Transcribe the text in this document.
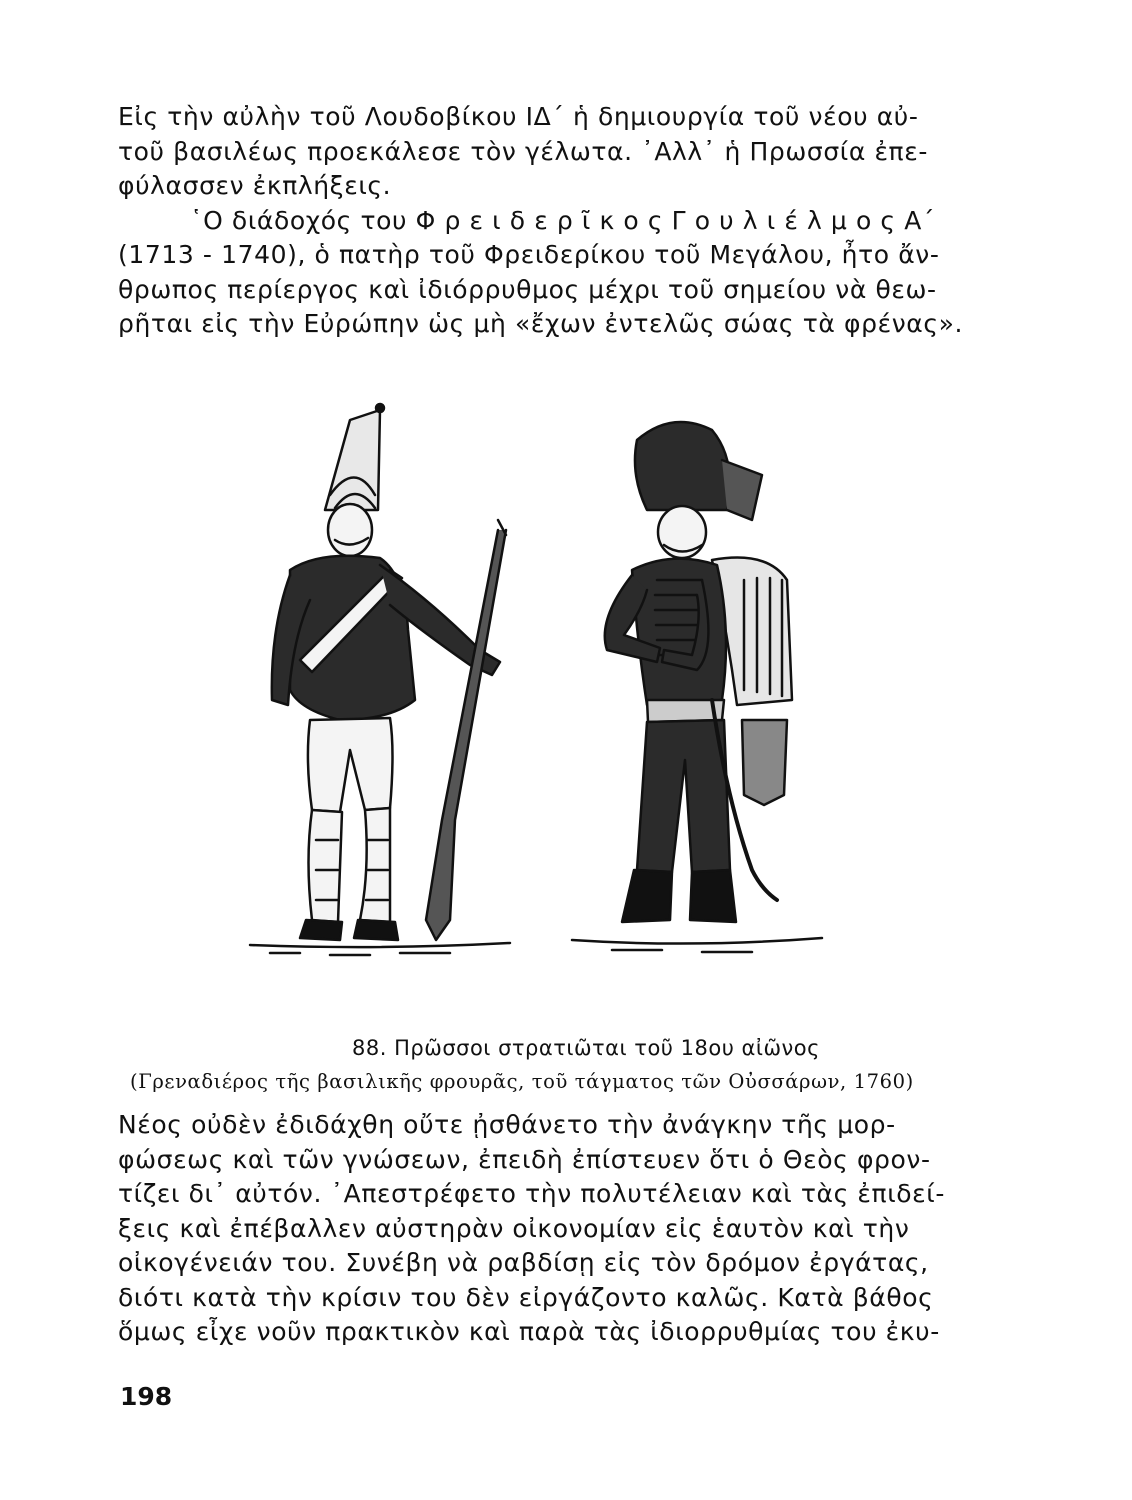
Εἰς τὴν αὐλὴν τοῦ Λουδοβίκου ΙΔ΄ ἡ δημιουργία τοῦ νέου αὐ-
τοῦ βασιλέως προεκάλεσε τὸν γέλωτα. ᾿Αλλ᾿ ἡ Πρωσσία ἐπε-
φύλασσεν ἐκπλήξεις.
῾Ο διάδοχός του Φ ρ ε ι δ ε ρ ῖ κ ο ς Γ ο υ λ ι έ λ μ ο ς Α΄
(1713 - 1740), ὁ πατὴρ τοῦ Φρειδερίκου τοῦ Μεγάλου, ἦτο ἄν-
θρωπος περίεργος καὶ ἰδιόρρυθμος μέχρι τοῦ σημείου νὰ θεω-
ρῆται εἰς τὴν Εὐρώπην ὡς μὴ «ἔχων ἐντελῶς σώας τὰ φρένας».
88. Πρῶσσοι στρατιῶται τοῦ 18ου αἰῶνος
(Γρεναδιέρος τῆς βασιλικῆς φρουρᾶς, τοῦ τάγματος τῶν Οὐσσάρων, 1760)
Νέος οὐδὲν ἐδιδάχθη οὔτε ᾐσθάνετο τὴν ἀνάγκην τῆς μορ-
φώσεως καὶ τῶν γνώσεων, ἐπειδὴ ἐπίστευεν ὅτι ὁ Θεὸς φρον-
τίζει δι᾿ αὐτόν. ᾿Απεστρέφετο τὴν πολυτέλειαν καὶ τὰς ἐπιδεί-
ξεις καὶ ἐπέβαλλεν αὐστηρὰν οἰκονομίαν εἰς ἑαυτὸν καὶ τὴν
οἰκογένειάν του. Συνέβη νὰ ραβδίσῃ εἰς τὸν δρόμον ἐργάτας,
διότι κατὰ τὴν κρίσιν του δὲν εἰργάζοντο καλῶς. Κατὰ βάθος
ὅμως εἶχε νοῦν πρακτικὸν καὶ παρὰ τὰς ἰδιορρυθμίας του ἐκυ-
198
